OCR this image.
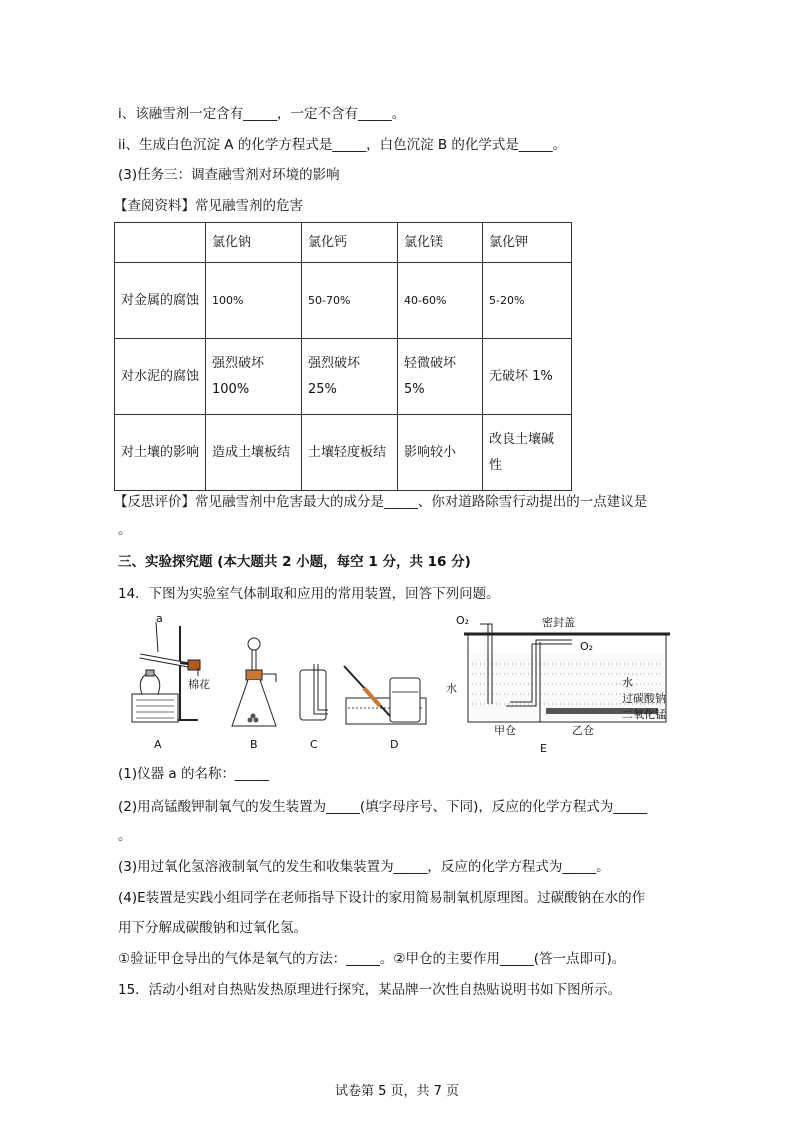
i、该融雪剂一定含有_____，一定不含有_____。
ii、生成白色沉淀 A 的化学方程式是_____，白色沉淀 B 的化学式是_____。
(3)任务三：调查融雪剂对环境的影响
【查阅资料】常见融雪剂的危害
	氯化钠	氯化钙	氯化镁	氯化钾
对金属的腐蚀	100%	50-70%	40-60%	5-20%
对水泥的腐蚀	强烈破坏 100%	强烈破坏 25%	轻微破坏 5%	无破坏 1%
对土壤的影响	造成土壤板结	土壤轻度板结	影响较小	改良土壤碱性
【反思评价】常见融雪剂中危害最大的成分是_____、你对道路除雪行动提出的一点建议是
。
三、实验探究题 (本大题共 2 小题，每空 1 分，共 16 分)
14．下图为实验室气体制取和应用的常用装置，回答下列问题。
a
棉花
A	B	C	D
O₂	密封盖
O₂
水	水
过碳酸钠
二氧化锰
甲仓	乙仓
E
(1)仪器 a 的名称：_____
(2)用高锰酸钾制氧气的发生装置为_____(填字母序号、下同)，反应的化学方程式为_____
。
(3)用过氧化氢溶液制氧气的发生和收集装置为_____，反应的化学方程式为_____。
(4)E装置是实践小组同学在老师指导下设计的家用简易制氧机原理图。过碳酸钠在水的作
用下分解成碳酸钠和过氧化氢。
①验证甲仓导出的气体是氧气的方法：_____。②甲仓的主要作用_____(答一点即可)。
15．活动小组对自热贴发热原理进行探究，某品牌一次性自热贴说明书如下图所示。
试卷第 5 页，共 7 页
